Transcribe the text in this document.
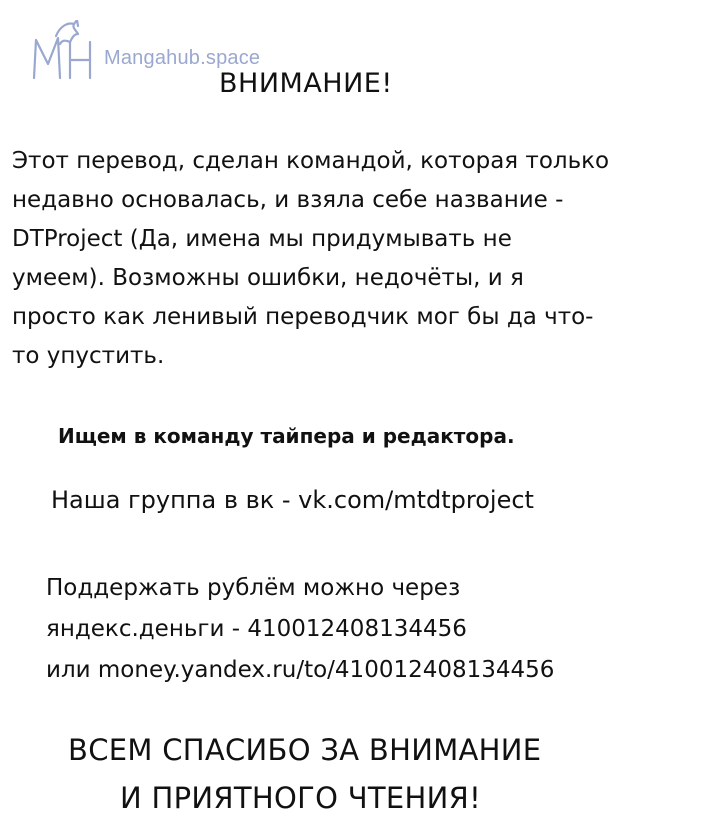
Mangahub.space
ВНИМАНИЕ!
Этот перевод, сделан командой, которая только
недавно основалась, и взяла себе название -
DTProject (Да, имена мы придумывать не
умеем). Возможны ошибки, недочёты, и я
просто как ленивый переводчик мог бы да что-
то упустить.
Ищем в команду тайпера и редактора.
Наша группа в вк - vk.com/mtdtproject
Поддержать рублём можно через
яндекс.деньги - 410012408134456
или money.yandex.ru/to/410012408134456
ВСЕМ СПАСИБО ЗА ВНИМАНИЕ
И ПРИЯТНОГО ЧТЕНИЯ!
